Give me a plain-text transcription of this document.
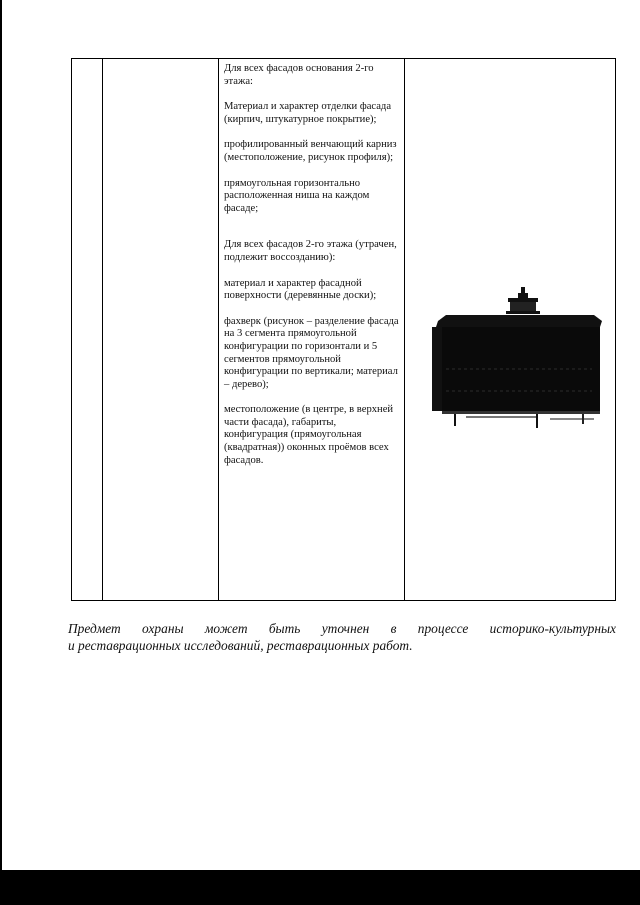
Для всех фасадов основания 2-го этажа:

Материал и характер отделки фасада (кирпич, штукатурное покрытие);

профилированный венчающий карниз (местоположение, рисунок профиля);

прямоугольная горизонтально расположенная ниша на каждом фасаде;

Для всех фасадов 2-го этажа (утрачен, подлежит воссозданию):

материал и характер фасадной поверхности (деревянные доски);

фахверк (рисунок – разделение фасада на 3 сегмента прямоугольной конфигурации по горизонтали и 5 сегментов прямоугольной конфигурации по вертикали; материал – дерево);

местоположение (в центре, в верхней части фасада), габариты, конфигурация (прямоугольная (квадратная)) оконных проёмов всех фасадов.

Предмет охраны может быть уточнен в процессе историко-культурных
и реставрационных исследований, реставрационных работ.
